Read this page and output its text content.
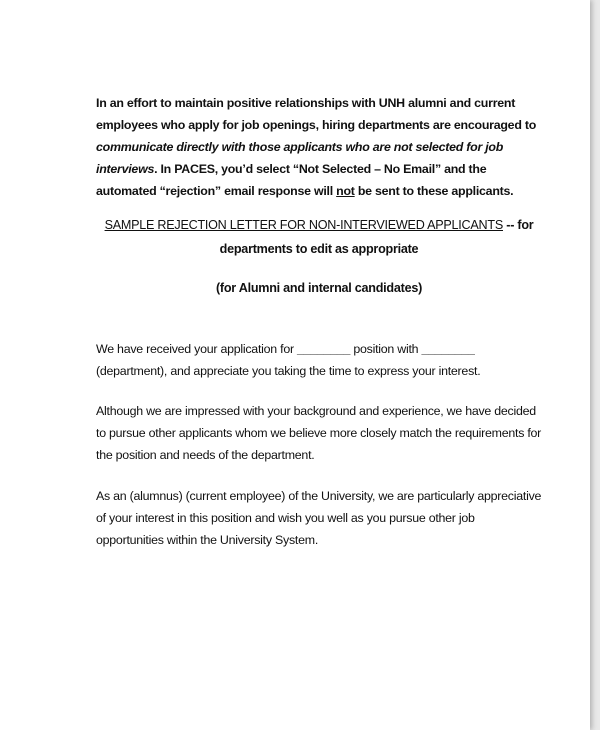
In an effort to maintain positive relationships with UNH alumni and current employees who apply for job openings, hiring departments are encouraged to communicate directly with those applicants who are not selected for job interviews. In PACES, you’d select “Not Selected – No Email” and the automated “rejection” email response will not be sent to these applicants.

SAMPLE REJECTION LETTER FOR NON-INTERVIEWED APPLICANTS -- for departments to edit as appropriate

(for Alumni and internal candidates)

We have received your application for ________ position with ________ (department), and appreciate you taking the time to express your interest.

Although we are impressed with your background and experience, we have decided to pursue other applicants whom we believe more closely match the requirements for the position and needs of the department.

As an (alumnus) (current employee) of the University, we are particularly appreciative of your interest in this position and wish you well as you pursue other job opportunities within the University System.
